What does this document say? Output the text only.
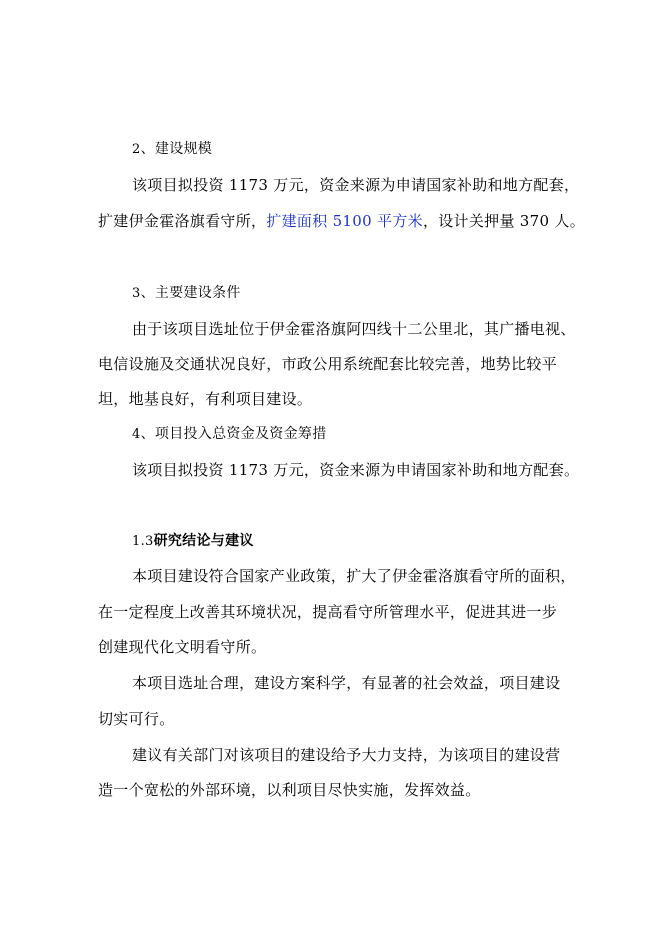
2、建设规模
该项目拟投资 1173 万元，资金来源为申请国家补助和地方配套，
扩建伊金霍洛旗看守所，扩建面积 5100 平方米，设计关押量 370 人。
3、主要建设条件
由于该项目选址位于伊金霍洛旗阿四线十二公里北，其广播电视、
电信设施及交通状况良好，市政公用系统配套比较完善，地势比较平
坦，地基良好，有利项目建设。
4、项目投入总资金及资金筹措
该项目拟投资 1173 万元，资金来源为申请国家补助和地方配套。
1.3研究结论与建议
本项目建设符合国家产业政策，扩大了伊金霍洛旗看守所的面积，
在一定程度上改善其环境状况，提高看守所管理水平，促进其进一步
创建现代化文明看守所。
本项目选址合理，建设方案科学，有显著的社会效益，项目建设
切实可行。
建议有关部门对该项目的建设给予大力支持，为该项目的建设营
造一个宽松的外部环境，以利项目尽快实施，发挥效益。
